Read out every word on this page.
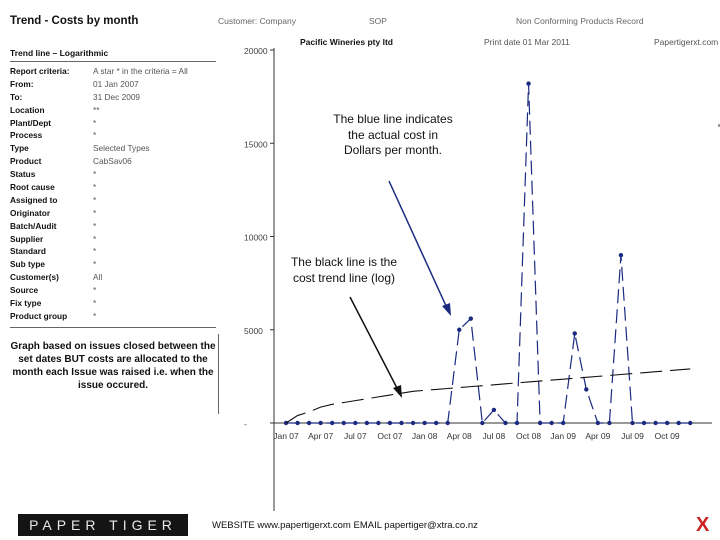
Trend - Costs by month	Customer: Company	SOP	Non Conforming Products Record
Pacific Wineries pty ltd	Print date 01 Mar 2011	Papertigerxt.com
Trend line – Logarithmic
Report criteria:	A star * in the criteria = All
From:	01 Jan 2007
To:	31 Dec 2009
Location	**
Plant/Dept	*
Process	*
Type	Selected Types
Product	CabSav06
Status	*
Root cause	*
Assigned to	*
Originator	*
Batch/Audit	*
Supplier	*
Standard	*
Sub type	*
Customer(s)	All
Source	*
Fix type	*
Product group	*
Graph based on issues closed between the set dates BUT costs are allocated to the month each Issue was raised i.e. when the issue occured.
-
5000
10000
15000
20000
Jan 07 Apr 07 Jul 07 Oct 07 Jan 08 Apr 08 Jul 08 Oct 08 Jan 09 Apr 09 Jul 09 Oct 09
The blue line indicates the actual cost in Dollars per month.
The black line is the cost trend line (log)
PAPER TIGER	WEBSITE www.papertigerxt.com EMAIL papertiger@xtra.co.nz	X
